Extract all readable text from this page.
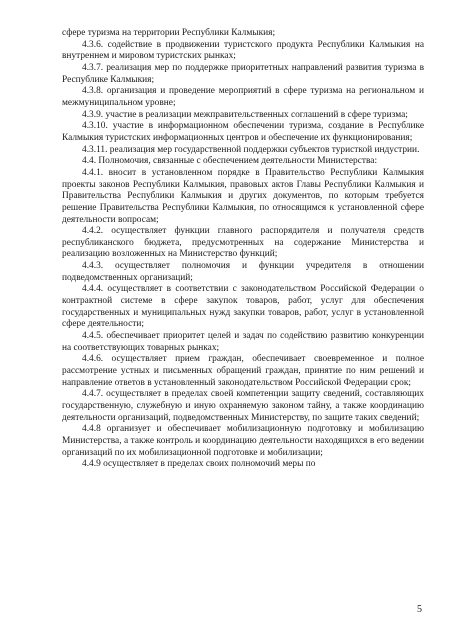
сфере туризма на территории Республики Калмыкия;

4.3.6. содействие в продвижении туристского продукта Республики Калмыкия на внутреннем и мировом туристских рынках;

4.3.7. реализация мер по поддержке приоритетных направлений развития туризма в Республике Калмыкия;

4.3.8. организация и проведение мероприятий в сфере туризма на региональном и межмуниципальном уровне;

4.3.9. участие в реализации межправительственных соглашений в сфере туризма;

4.3.10. участие в информационном обеспечении туризма, создание в Республике Калмыкия туристских информационных центров и обеспечение их функционирования;

4.3.11. реализация мер государственной поддержки субъектов туристкой индустрии.

4.4. Полномочия, связанные с обеспечением деятельности Министерства:

4.4.1. вносит в установленном порядке в Правительство Республики Калмыкия проекты законов Республики Калмыкия, правовых актов Главы Республики Калмыкия и Правительства Республики Калмыкия и других документов, по которым требуется решение Правительства Республики Калмыкия, по относящимся к установленной сфере деятельности вопросам;

4.4.2. осуществляет функции главного распорядителя и получателя средств республиканского бюджета, предусмотренных на содержание Министерства и реализацию возложенных на Министерство функций;

4.4.3. осуществляет полномочия и функции учредителя в отношении подведомственных организаций;

4.4.4. осуществляет в соответствии с законодательством Российской Федерации о контрактной системе в сфере закупок товаров, работ, услуг для обеспечения государственных и муниципальных нужд закупки товаров, работ, услуг в установленной сфере деятельности;

4.4.5. обеспечивает приоритет целей и задач по содействию развитию конкуренции на соответствующих товарных рынках;

4.4.6. осуществляет прием граждан, обеспечивает своевременное и полное рассмотрение устных и письменных обращений граждан, принятие по ним решений и направление ответов в установленный законодательством Российской Федерации срок;

4.4.7. осуществляет в пределах своей компетенции защиту сведений, составляющих государственную, служебную и иную охраняемую законом тайну, а также координацию деятельности организаций, подведомственных Министерству, по защите таких сведений;

4.4.8 организует и обеспечивает мобилизационную подготовку и мобилизацию Министерства, а также контроль и координацию деятельности находящихся в его ведении организаций по их мобилизационной подготовке и мобилизации;

4.4.9 осуществляет в пределах своих полномочий меры по

5
